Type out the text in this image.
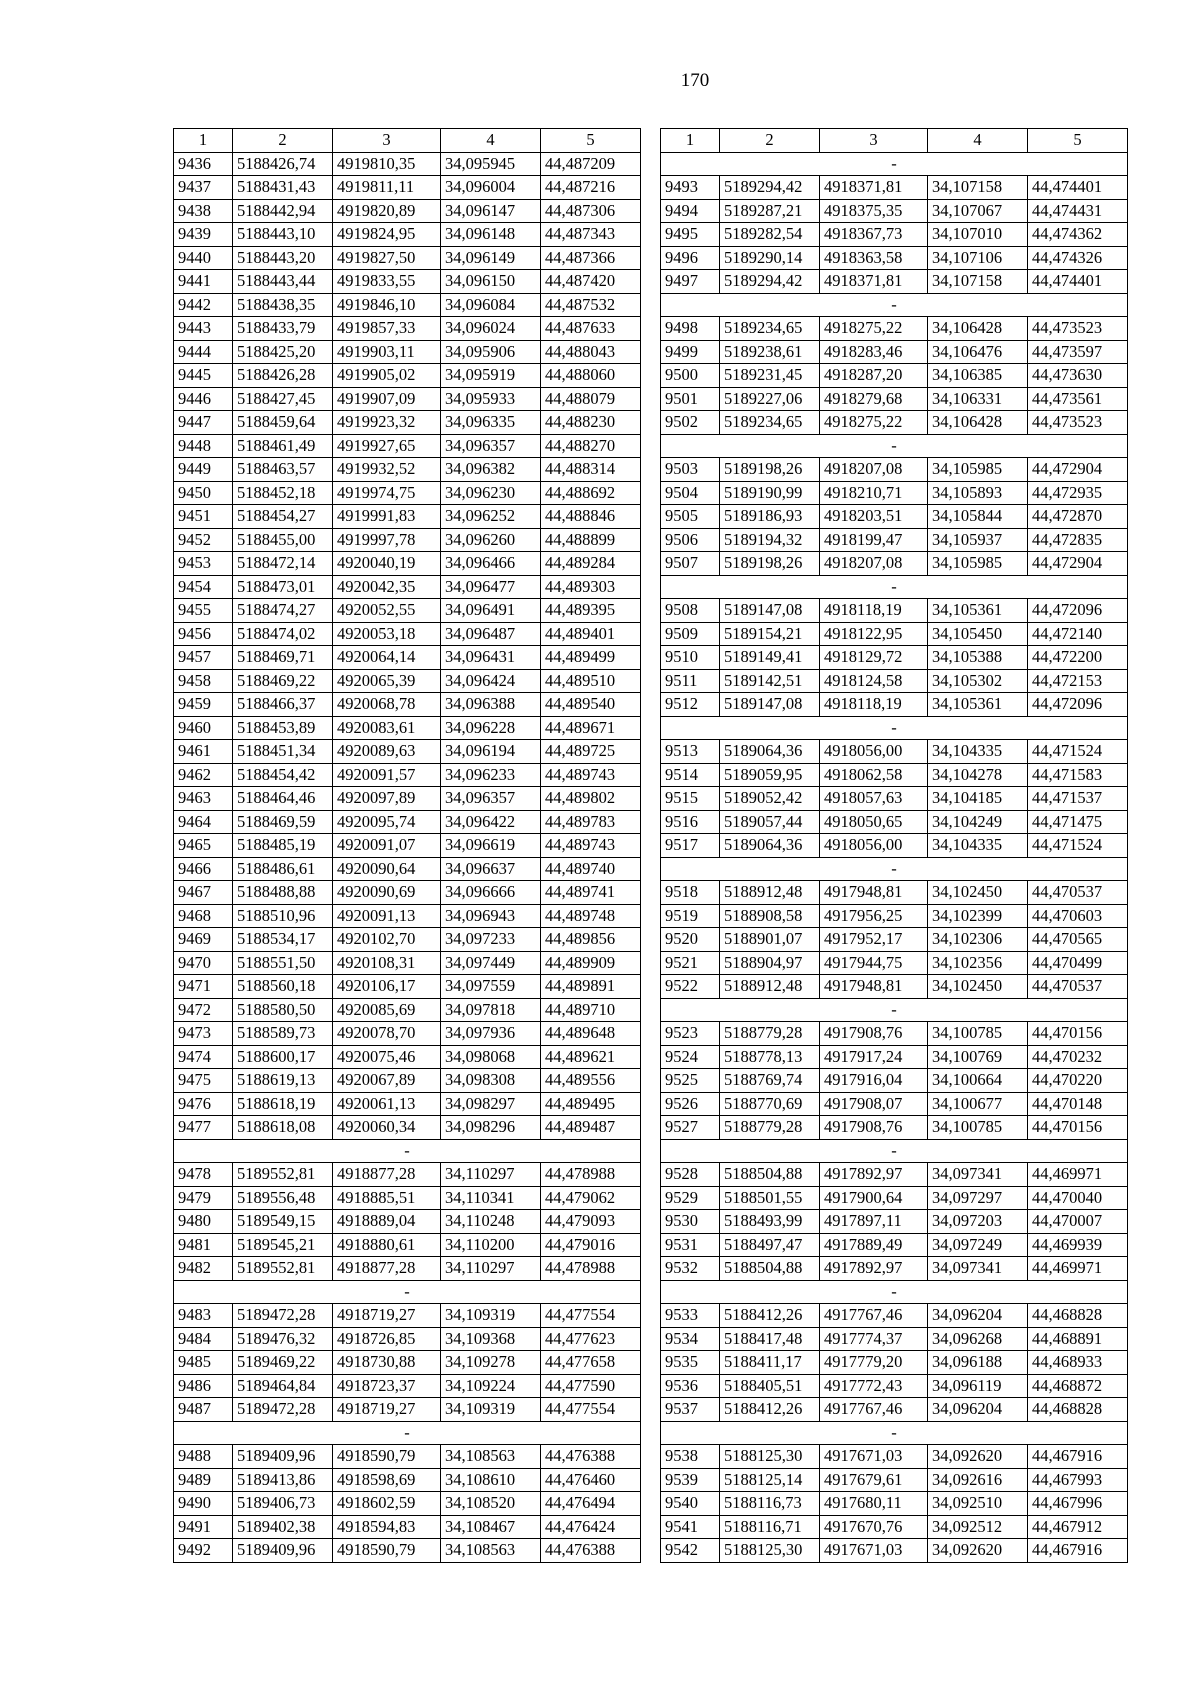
170
1	2	3	4	5
9436	5188426,74	4919810,35	34,095945	44,487209
9437	5188431,43	4919811,11	34,096004	44,487216
9438	5188442,94	4919820,89	34,096147	44,487306
9439	5188443,10	4919824,95	34,096148	44,487343
9440	5188443,20	4919827,50	34,096149	44,487366
9441	5188443,44	4919833,55	34,096150	44,487420
9442	5188438,35	4919846,10	34,096084	44,487532
9443	5188433,79	4919857,33	34,096024	44,487633
9444	5188425,20	4919903,11	34,095906	44,488043
9445	5188426,28	4919905,02	34,095919	44,488060
9446	5188427,45	4919907,09	34,095933	44,488079
9447	5188459,64	4919923,32	34,096335	44,488230
9448	5188461,49	4919927,65	34,096357	44,488270
9449	5188463,57	4919932,52	34,096382	44,488314
9450	5188452,18	4919974,75	34,096230	44,488692
9451	5188454,27	4919991,83	34,096252	44,488846
9452	5188455,00	4919997,78	34,096260	44,488899
9453	5188472,14	4920040,19	34,096466	44,489284
9454	5188473,01	4920042,35	34,096477	44,489303
9455	5188474,27	4920052,55	34,096491	44,489395
9456	5188474,02	4920053,18	34,096487	44,489401
9457	5188469,71	4920064,14	34,096431	44,489499
9458	5188469,22	4920065,39	34,096424	44,489510
9459	5188466,37	4920068,78	34,096388	44,489540
9460	5188453,89	4920083,61	34,096228	44,489671
9461	5188451,34	4920089,63	34,096194	44,489725
9462	5188454,42	4920091,57	34,096233	44,489743
9463	5188464,46	4920097,89	34,096357	44,489802
9464	5188469,59	4920095,74	34,096422	44,489783
9465	5188485,19	4920091,07	34,096619	44,489743
9466	5188486,61	4920090,64	34,096637	44,489740
9467	5188488,88	4920090,69	34,096666	44,489741
9468	5188510,96	4920091,13	34,096943	44,489748
9469	5188534,17	4920102,70	34,097233	44,489856
9470	5188551,50	4920108,31	34,097449	44,489909
9471	5188560,18	4920106,17	34,097559	44,489891
9472	5188580,50	4920085,69	34,097818	44,489710
9473	5188589,73	4920078,70	34,097936	44,489648
9474	5188600,17	4920075,46	34,098068	44,489621
9475	5188619,13	4920067,89	34,098308	44,489556
9476	5188618,19	4920061,13	34,098297	44,489495
9477	5188618,08	4920060,34	34,098296	44,489487
-				
9478	5189552,81	4918877,28	34,110297	44,478988
9479	5189556,48	4918885,51	34,110341	44,479062
9480	5189549,15	4918889,04	34,110248	44,479093
9481	5189545,21	4918880,61	34,110200	44,479016
9482	5189552,81	4918877,28	34,110297	44,478988
-				
9483	5189472,28	4918719,27	34,109319	44,477554
9484	5189476,32	4918726,85	34,109368	44,477623
9485	5189469,22	4918730,88	34,109278	44,477658
9486	5189464,84	4918723,37	34,109224	44,477590
9487	5189472,28	4918719,27	34,109319	44,477554
-				
9488	5189409,96	4918590,79	34,108563	44,476388
9489	5189413,86	4918598,69	34,108610	44,476460
9490	5189406,73	4918602,59	34,108520	44,476494
9491	5189402,38	4918594,83	34,108467	44,476424
9492	5189409,96	4918590,79	34,108563	44,476388
1	2	3	4	5
-				
9493	5189294,42	4918371,81	34,107158	44,474401
9494	5189287,21	4918375,35	34,107067	44,474431
9495	5189282,54	4918367,73	34,107010	44,474362
9496	5189290,14	4918363,58	34,107106	44,474326
9497	5189294,42	4918371,81	34,107158	44,474401
-				
9498	5189234,65	4918275,22	34,106428	44,473523
9499	5189238,61	4918283,46	34,106476	44,473597
9500	5189231,45	4918287,20	34,106385	44,473630
9501	5189227,06	4918279,68	34,106331	44,473561
9502	5189234,65	4918275,22	34,106428	44,473523
-				
9503	5189198,26	4918207,08	34,105985	44,472904
9504	5189190,99	4918210,71	34,105893	44,472935
9505	5189186,93	4918203,51	34,105844	44,472870
9506	5189194,32	4918199,47	34,105937	44,472835
9507	5189198,26	4918207,08	34,105985	44,472904
-				
9508	5189147,08	4918118,19	34,105361	44,472096
9509	5189154,21	4918122,95	34,105450	44,472140
9510	5189149,41	4918129,72	34,105388	44,472200
9511	5189142,51	4918124,58	34,105302	44,472153
9512	5189147,08	4918118,19	34,105361	44,472096
-				
9513	5189064,36	4918056,00	34,104335	44,471524
9514	5189059,95	4918062,58	34,104278	44,471583
9515	5189052,42	4918057,63	34,104185	44,471537
9516	5189057,44	4918050,65	34,104249	44,471475
9517	5189064,36	4918056,00	34,104335	44,471524
-				
9518	5188912,48	4917948,81	34,102450	44,470537
9519	5188908,58	4917956,25	34,102399	44,470603
9520	5188901,07	4917952,17	34,102306	44,470565
9521	5188904,97	4917944,75	34,102356	44,470499
9522	5188912,48	4917948,81	34,102450	44,470537
-				
9523	5188779,28	4917908,76	34,100785	44,470156
9524	5188778,13	4917917,24	34,100769	44,470232
9525	5188769,74	4917916,04	34,100664	44,470220
9526	5188770,69	4917908,07	34,100677	44,470148
9527	5188779,28	4917908,76	34,100785	44,470156
-				
9528	5188504,88	4917892,97	34,097341	44,469971
9529	5188501,55	4917900,64	34,097297	44,470040
9530	5188493,99	4917897,11	34,097203	44,470007
9531	5188497,47	4917889,49	34,097249	44,469939
9532	5188504,88	4917892,97	34,097341	44,469971
-				
9533	5188412,26	4917767,46	34,096204	44,468828
9534	5188417,48	4917774,37	34,096268	44,468891
9535	5188411,17	4917779,20	34,096188	44,468933
9536	5188405,51	4917772,43	34,096119	44,468872
9537	5188412,26	4917767,46	34,096204	44,468828
-				
9538	5188125,30	4917671,03	34,092620	44,467916
9539	5188125,14	4917679,61	34,092616	44,467993
9540	5188116,73	4917680,11	34,092510	44,467996
9541	5188116,71	4917670,76	34,092512	44,467912
9542	5188125,30	4917671,03	34,092620	44,467916
